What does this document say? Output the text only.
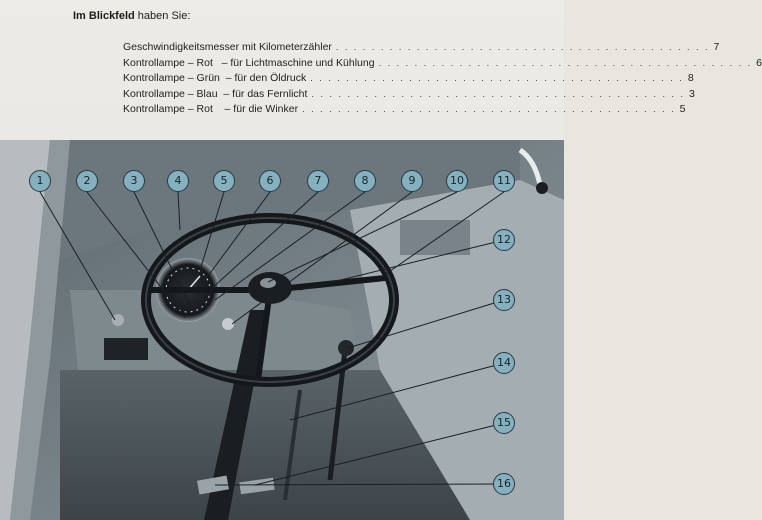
Im Blickfeld haben Sie:
Geschwindigkeitsmesser mit Kilometerzähler . . . . . . . . . . . . . . . . . . . . . . . . . . . . . . . . . . . . . . . . . . 7
Kontrollampe – Rot   – für Lichtmaschine und Kühlung . . . . . . . . . . . . . . . . . . . . . . . . . . . . . . . . . . . . . . . . . . 6
Kontrollampe – Grün  – für den Öldruck . . . . . . . . . . . . . . . . . . . . . . . . . . . . . . . . . . . . . . . . . . 8
Kontrollampe – Blau  – für das Fernlicht . . . . . . . . . . . . . . . . . . . . . . . . . . . . . . . . . . . . . . . . . . 3
Kontrollampe – Rot    – für die Winker . . . . . . . . . . . . . . . . . . . . . . . . . . . . . . . . . . . . . . . . . . 5
1	2	3	4	5	6	7	8	9	10	11
12
13
14
15
16
